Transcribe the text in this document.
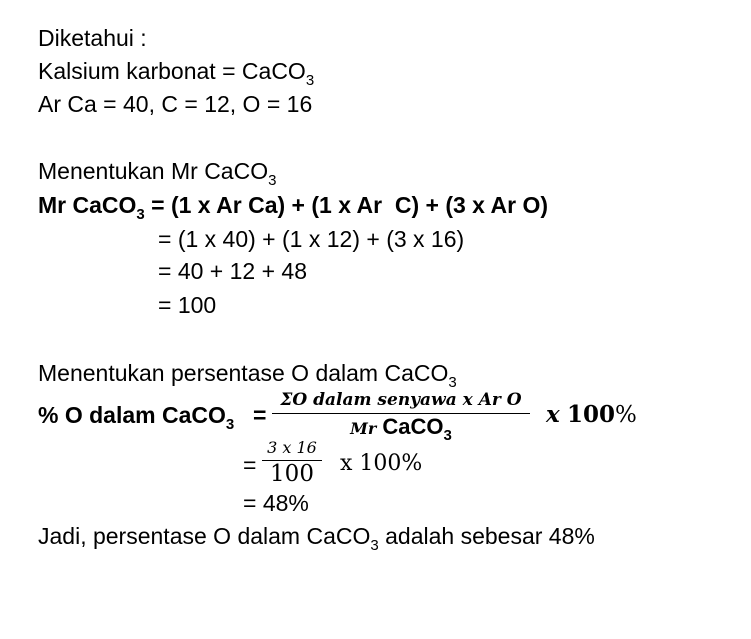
Diketahui :
Kalsium karbonat = CaCO$_3$
Ar Ca = 40, C = 12, O = 16
Menentukan Mr CaCO$_3$
Mr CaCO$_3$ = (1 x Ar Ca) + (1 x Ar  C) + (3 x Ar O)
= (1 x 40) + (1 x 12) + (3 x 16)
= 40 + 12 + 48
= 100
Menentukan persentase O dalam CaCO$_3$
% O dalam CaCO$_3$ =
ΣO dalam senyawa x Ar O
Mr CaCO$_3$
x 100%
=
3 x 16
100	x 100%
= 48%
Jadi, persentase O dalam CaCO$_3$ adalah sebesar 48%
